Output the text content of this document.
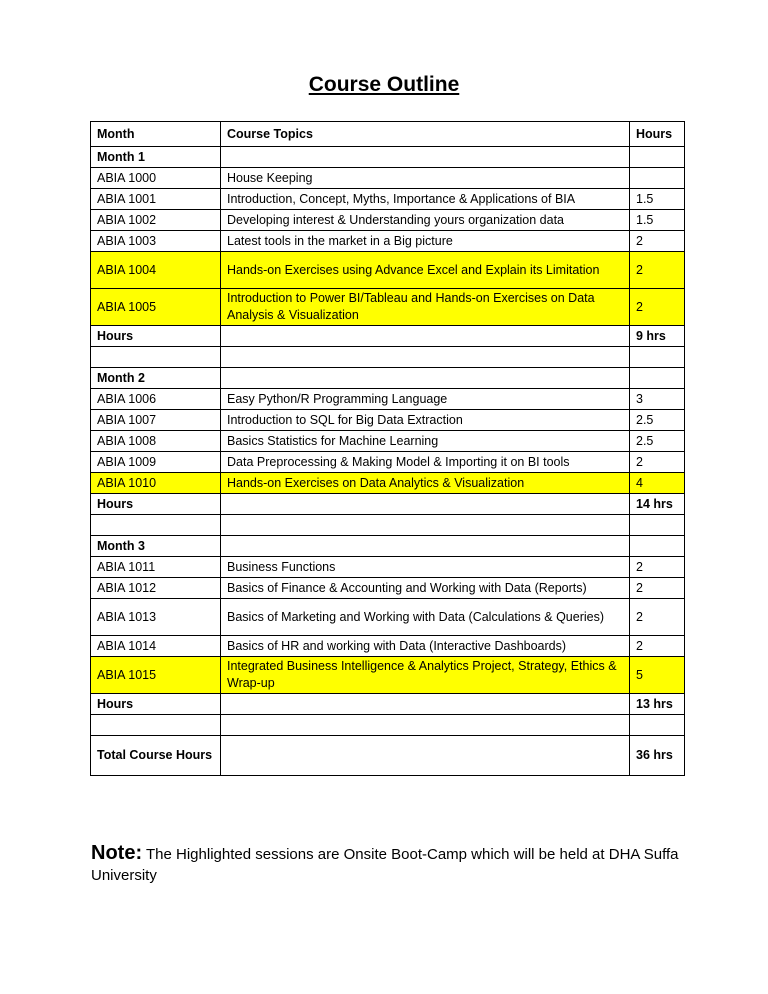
Course Outline
Month	Course Topics	Hours
Month 1		
ABIA 1000	House Keeping	
ABIA 1001	Introduction, Concept, Myths, Importance & Applications of BIA	1.5
ABIA 1002	Developing interest & Understanding yours organization data	1.5
ABIA 1003	Latest tools in the market in a Big picture	2
ABIA 1004	Hands-on Exercises using Advance Excel and Explain its Limitation	2
ABIA 1005	Introduction to Power BI/Tableau and Hands-on Exercises on Data Analysis & Visualization	2
Hours		9 hrs

Month 2		
ABIA 1006	Easy Python/R Programming Language	3
ABIA 1007	Introduction to SQL for Big Data Extraction	2.5
ABIA 1008	Basics Statistics for Machine Learning	2.5
ABIA 1009	Data Preprocessing & Making Model & Importing it on BI tools	2
ABIA 1010	Hands-on Exercises on Data Analytics & Visualization	4
Hours		14 hrs

Month 3		
ABIA 1011	Business Functions	2
ABIA 1012	Basics of Finance & Accounting and Working with Data (Reports)	2
ABIA 1013	Basics of Marketing and Working with Data (Calculations & Queries)	2
ABIA 1014	Basics of HR and working with Data (Interactive Dashboards)	2
ABIA 1015	Integrated Business Intelligence & Analytics Project, Strategy, Ethics & Wrap-up	5
Hours		13 hrs

Total Course Hours		36 hrs
Note: The Highlighted sessions are Onsite Boot-Camp which will be held at DHA Suffa University
